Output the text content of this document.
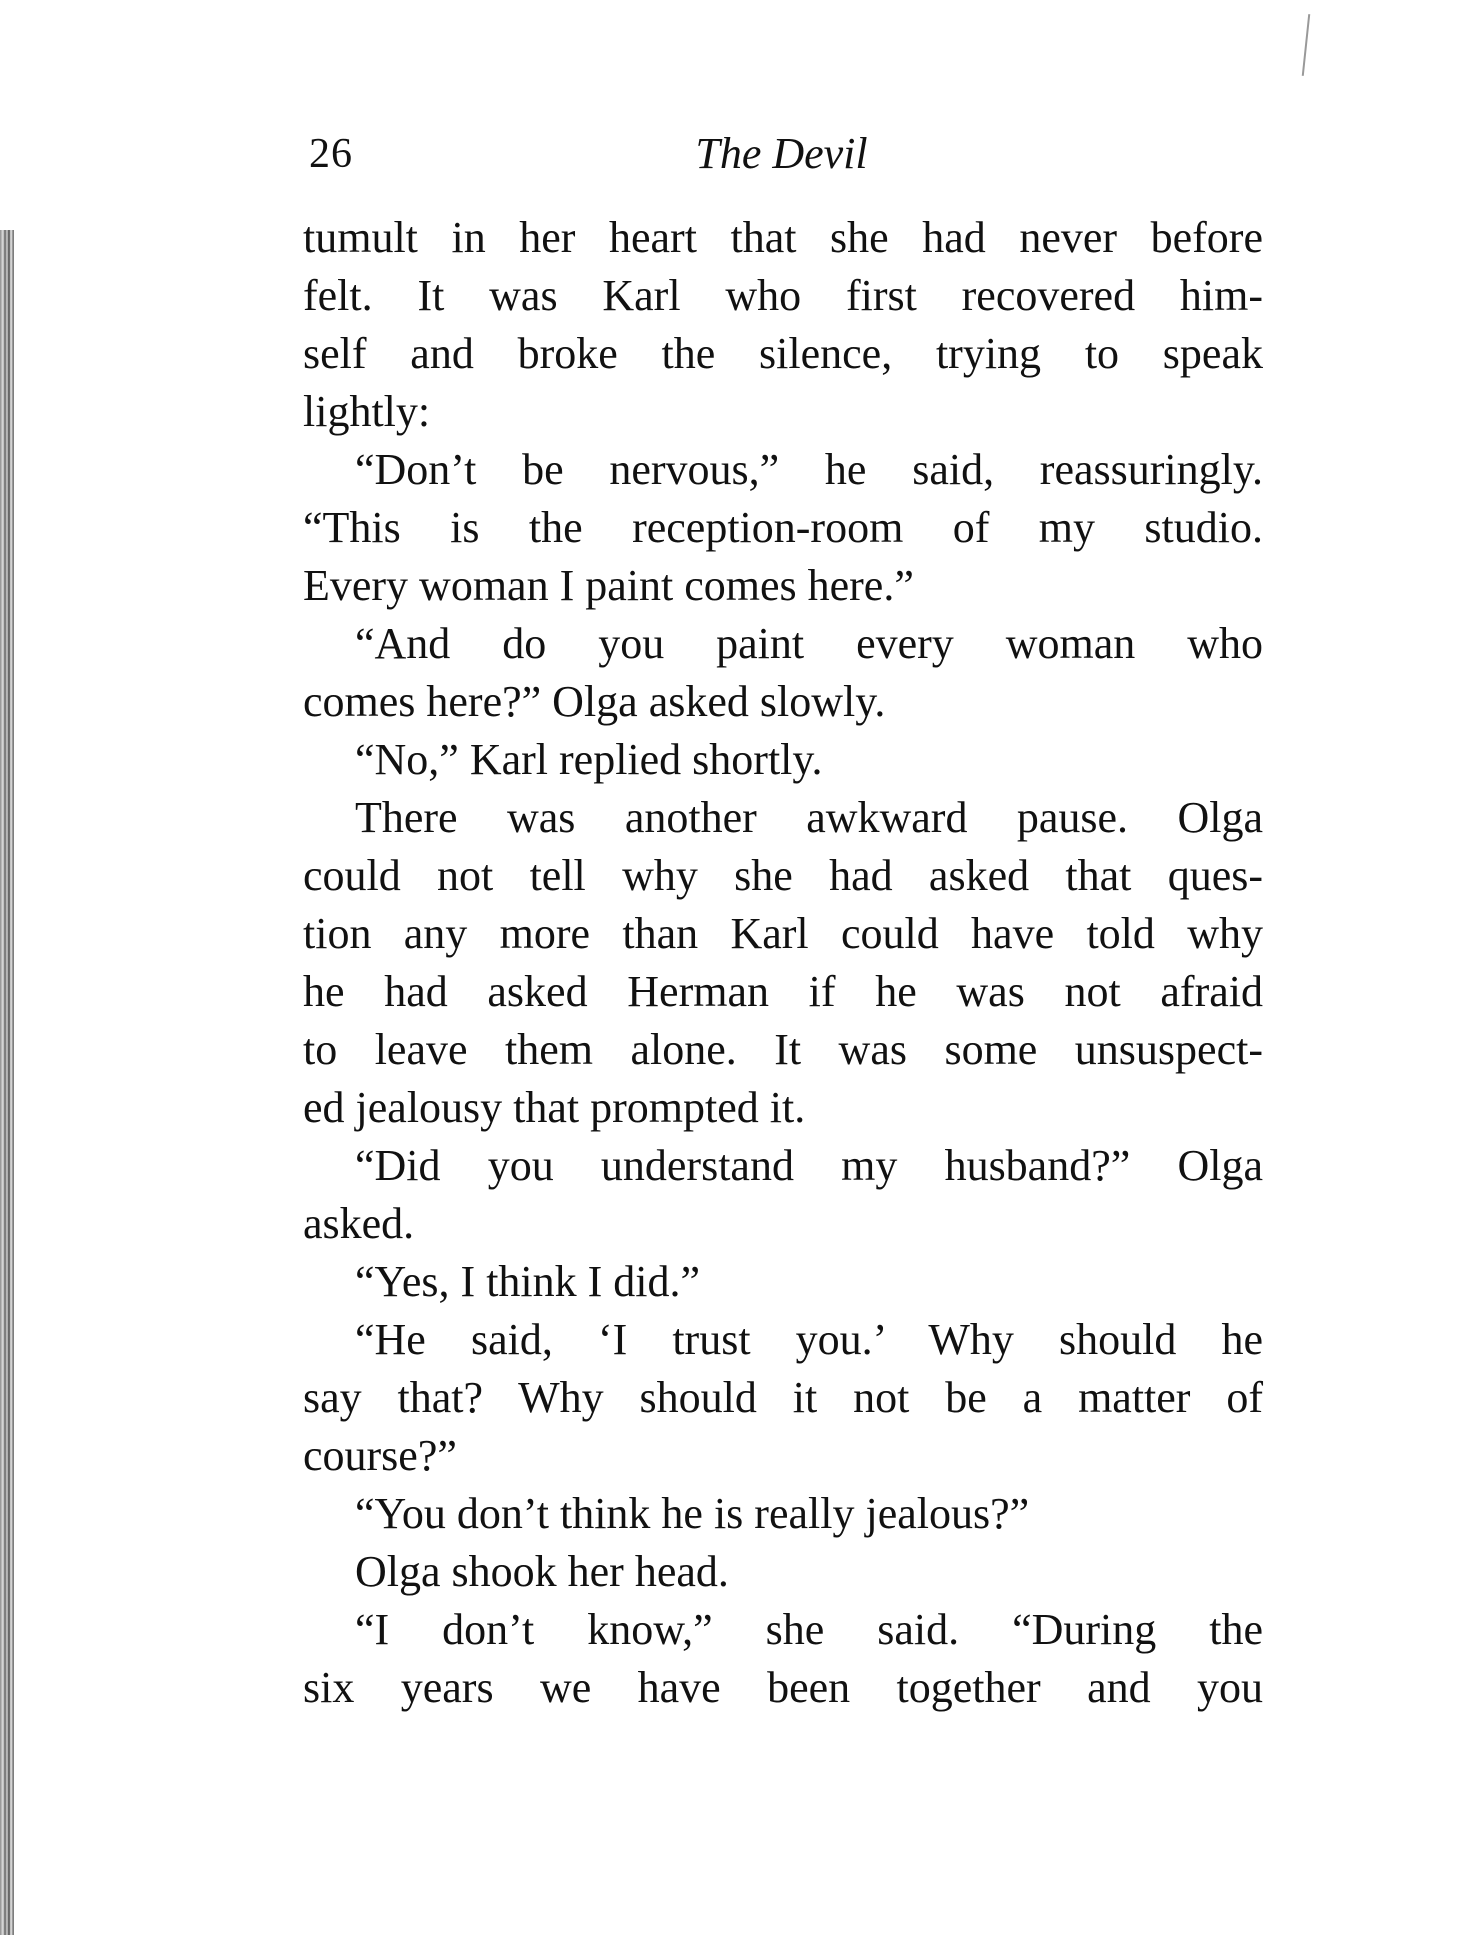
26	The Devil
tumult in her heart that she had never before
felt. It was Karl who first recovered him-
self and broke the silence, trying to speak
lightly:
“Don’t be nervous,” he said, reassuringly.
“This is the reception-room of my studio.
Every woman I paint comes here.”
“And do you paint every woman who
comes here?” Olga asked slowly.
“No,” Karl replied shortly.
There was another awkward pause. Olga
could not tell why she had asked that ques-
tion any more than Karl could have told why
he had asked Herman if he was not afraid
to leave them alone. It was some unsuspect-
ed jealousy that prompted it.
“Did you understand my husband?” Olga
asked.
“Yes, I think I did.”
“He said, ‘I trust you.’ Why should he
say that? Why should it not be a matter of
course?”
“You don’t think he is really jealous?”
Olga shook her head.
“I don’t know,” she said. “During the
six years we have been together and you
